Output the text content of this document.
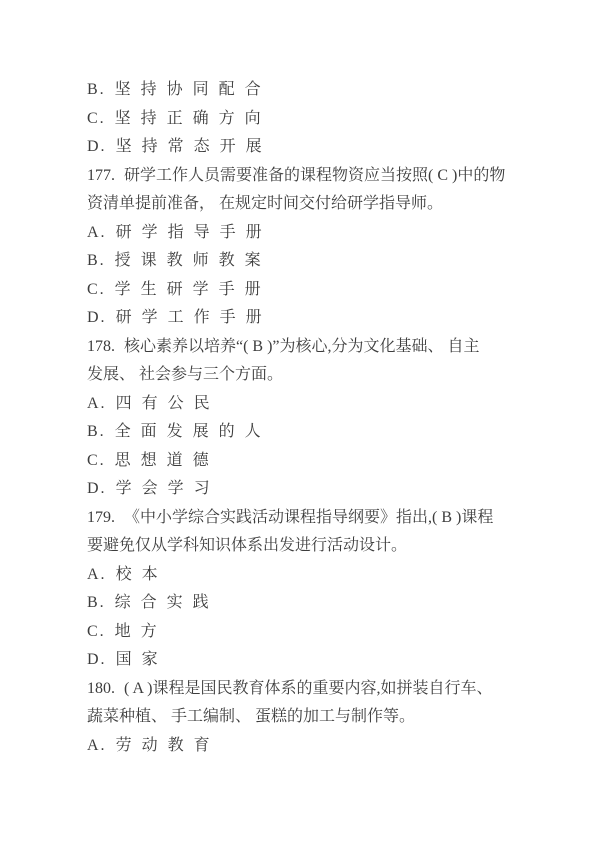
B. 坚持协同配合
C. 坚持正确方向
D. 坚持常态开展
177. 研学工作人员需要准备的课程物资应当按照( C )中的物
资清单提前准备， 在规定时间交付给研学指导师。
A. 研学指导手册
B. 授课教师教案
C. 学生研学手册
D. 研学工作手册
178. 核心素养以培养“( B )”为核心,分为文化基础、 自主
发展、 社会参与三个方面。
A. 四有公民
B. 全面发展的人
C. 思想道德
D. 学会学习
179. 《中小学综合实践活动课程指导纲要》指出,( B )课程
要避免仅从学科知识体系出发进行活动设计。
A. 校本
B. 综合实践
C. 地方
D. 国家
180. ( A )课程是国民教育体系的重要内容,如拼装自行车、
蔬菜种植、 手工编制、 蛋糕的加工与制作等。
A. 劳动教育
